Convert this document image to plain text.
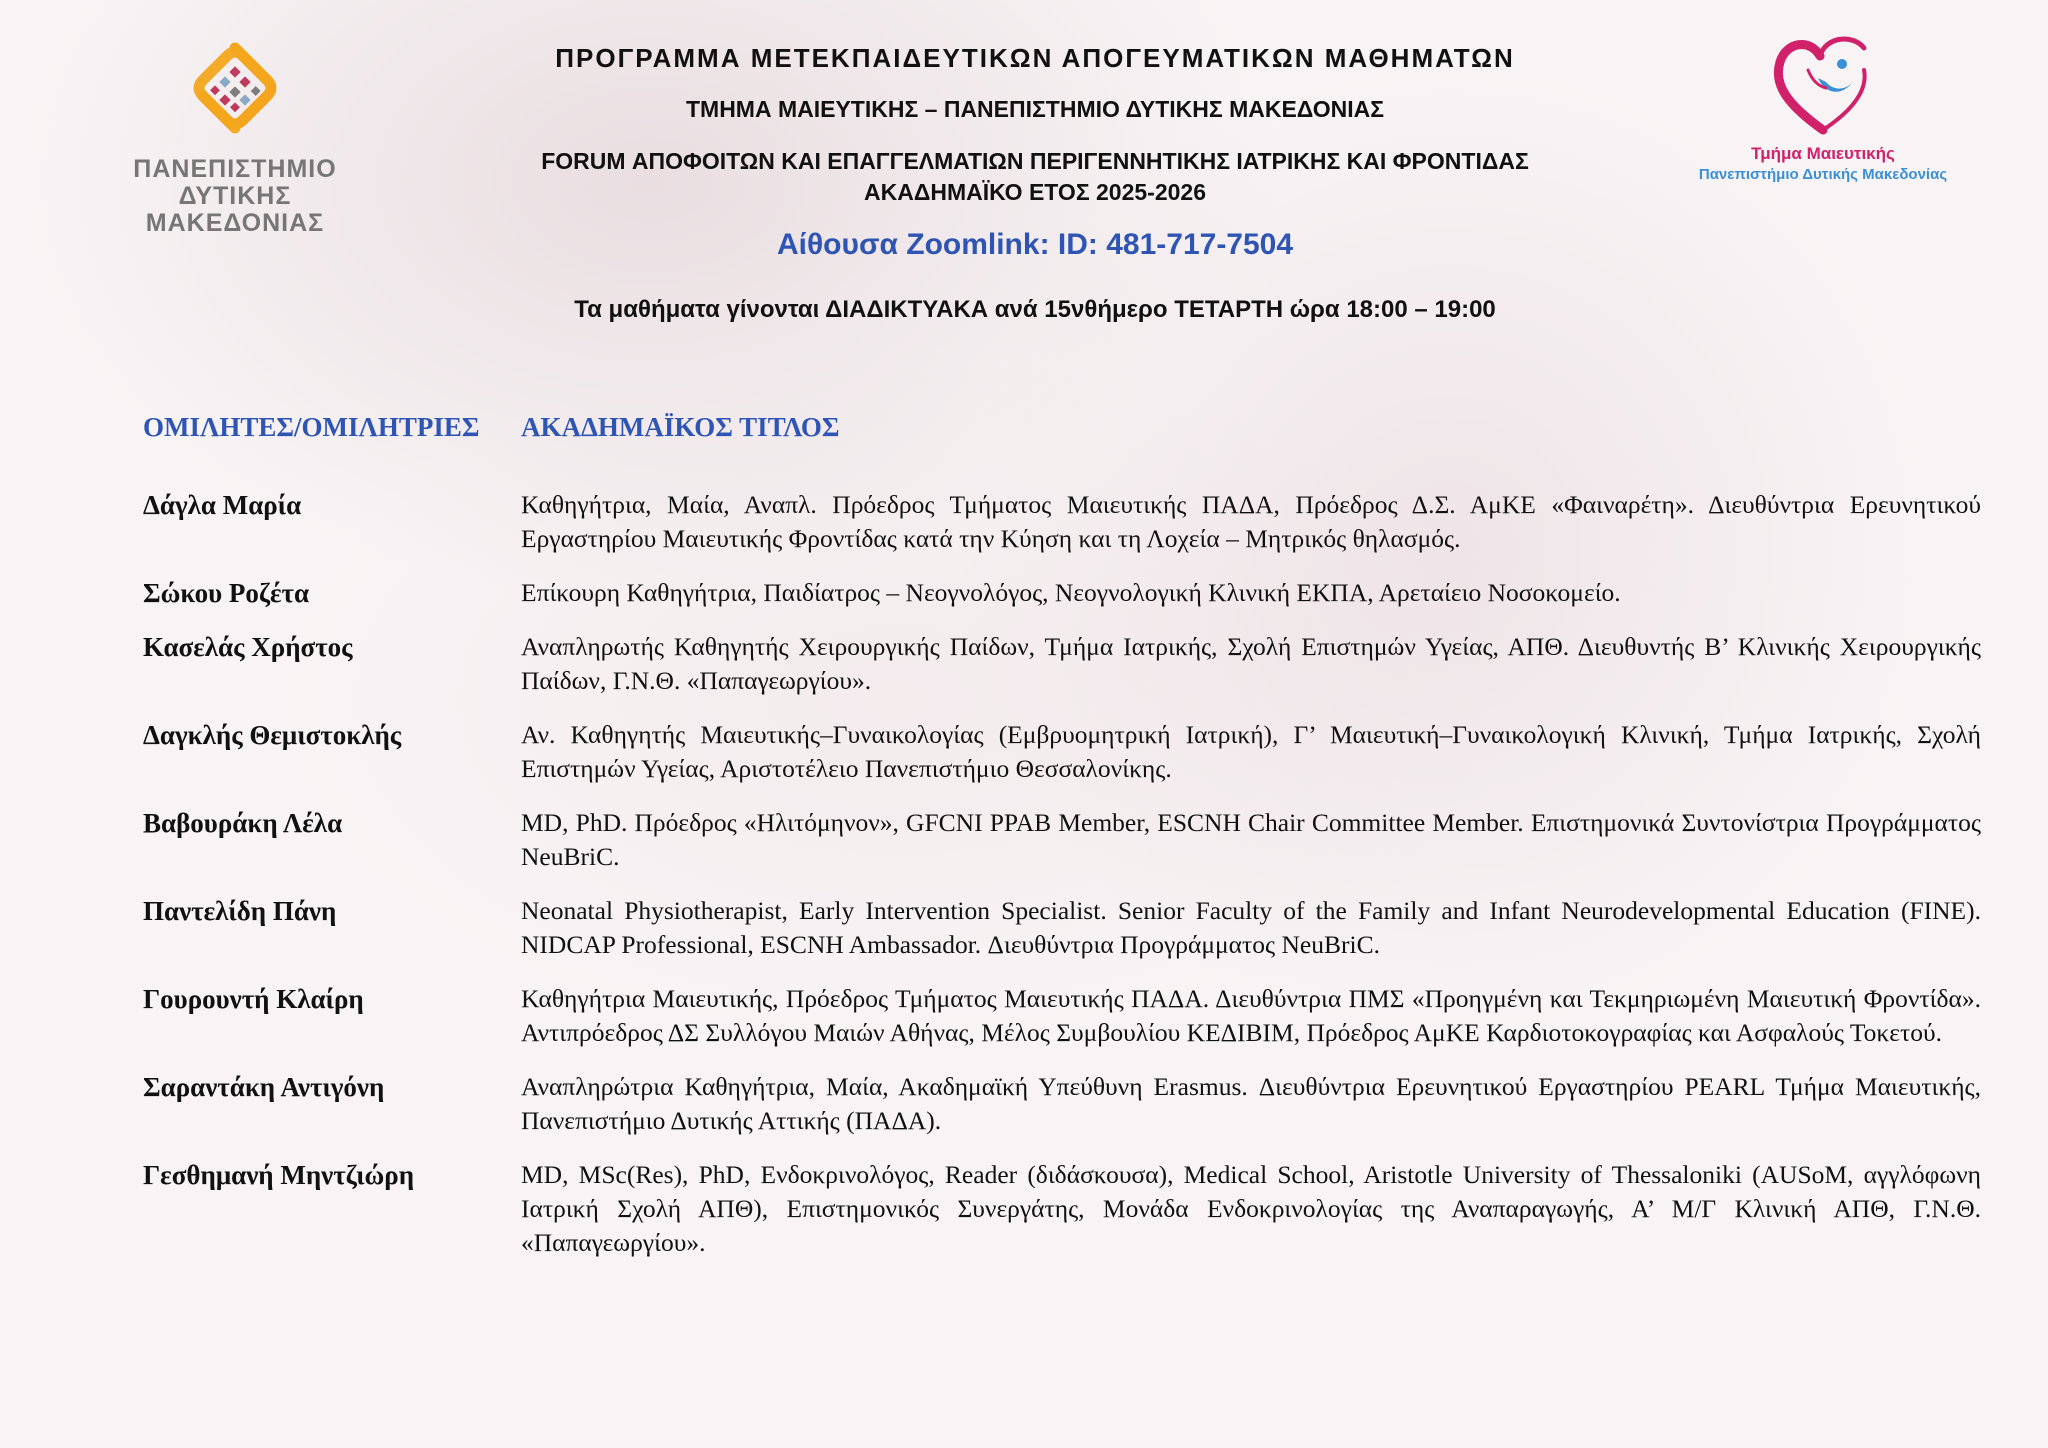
ΠΑΝΕΠΙΣΤΗΜΙΟ
ΔΥΤΙΚΗΣ
ΜΑΚΕΔΟΝΙΑΣ
ΠΡΟΓΡΑΜΜΑ ΜΕΤΕΚΠΑΙΔΕΥΤΙΚΩΝ ΑΠΟΓΕΥΜΑΤΙΚΩΝ ΜΑΘΗΜΑΤΩΝ
ΤΜΗΜΑ ΜΑΙΕΥΤΙΚΗΣ – ΠΑΝΕΠΙΣΤΗΜΙΟ ΔΥΤΙΚΗΣ ΜΑΚΕΔΟΝΙΑΣ
FORUM ΑΠΟΦΟΙΤΩΝ ΚΑΙ ΕΠΑΓΓΕΛΜΑΤΙΩΝ ΠΕΡΙΓΕΝΝΗΤΙΚΗΣ ΙΑΤΡΙΚΗΣ ΚΑΙ ΦΡΟΝΤΙΔΑΣ
ΑΚΑΔΗΜΑΪΚΟ ΕΤΟΣ 2025-2026
Αίθουσα Zoomlink: ID: 481-717-7504
Τα μαθήματα γίνονται ΔΙΑΔΙΚΤΥΑΚΑ ανά 15νθήμερο ΤΕΤΑΡΤΗ ώρα 18:00 – 19:00
Τμήμα Μαιευτικής
Πανεπιστήμιο Δυτικής Μακεδονίας
ΟΜΙΛΗΤΕΣ/ΟΜΙΛΗΤΡΙΕΣ	ΑΚΑΔΗΜΑΪΚΟΣ ΤΙΤΛΟΣ
Δάγλα Μαρία	Καθηγήτρια, Μαία, Αναπλ. Πρόεδρος Τμήματος Μαιευτικής ΠΑΔΑ, Πρόεδρος Δ.Σ. ΑμΚΕ «Φαιναρέτη». Διευθύντρια Ερευνητικού Εργαστηρίου Μαιευτικής Φροντίδας κατά την Κύηση και τη Λοχεία – Μητρικός θηλασμός.
Σώκου Ροζέτα	Επίκουρη Καθηγήτρια, Παιδίατρος – Νεογνολόγος, Νεογνολογική Κλινική ΕΚΠΑ, Αρεταίειο Νοσοκομείο.
Κασελάς Χρήστος	Αναπληρωτής Καθηγητής Χειρουργικής Παίδων, Τμήμα Ιατρικής, Σχολή Επιστημών Υγείας, ΑΠΘ. Διευθυντής Β’ Κλινικής Χειρουργικής Παίδων, Γ.Ν.Θ. «Παπαγεωργίου».
Δαγκλής Θεμιστοκλής	Αν. Καθηγητής Μαιευτικής–Γυναικολογίας (Εμβρυομητρική Ιατρική), Γ’ Μαιευτική–Γυναικολογική Κλινική, Τμήμα Ιατρικής, Σχολή Επιστημών Υγείας, Αριστοτέλειο Πανεπιστήμιο Θεσσαλονίκης.
Βαβουράκη Λέλα	MD, PhD. Πρόεδρος «Ηλιτόμηνον», GFCNI PPAB Member, ESCNH Chair Committee Member. Επιστημονικά Συντονίστρια Προγράμματος NeuBriC.
Παντελίδη Πάνη	Neonatal Physiotherapist, Early Intervention Specialist. Senior Faculty of the Family and Infant Neurodevelopmental Education (FINE). NIDCAP Professional, ESCNH Ambassador. Διευθύντρια Προγράμματος NeuBriC.
Γουρουντή Κλαίρη	Καθηγήτρια Μαιευτικής, Πρόεδρος Τμήματος Μαιευτικής ΠΑΔΑ. Διευθύντρια ΠΜΣ «Προηγμένη και Τεκμηριωμένη Μαιευτική Φροντίδα». Αντιπρόεδρος ΔΣ Συλλόγου Μαιών Αθήνας, Μέλος Συμβουλίου ΚΕΔΙΒΙΜ, Πρόεδρος ΑμΚΕ Καρδιοτοκογραφίας και Ασφαλούς Τοκετού.
Σαραντάκη Αντιγόνη	Αναπληρώτρια Καθηγήτρια, Μαία, Ακαδημαϊκή Υπεύθυνη Erasmus. Διευθύντρια Ερευνητικού Εργαστηρίου PEARL Τμήμα Μαιευτικής, Πανεπιστήμιο Δυτικής Αττικής (ΠΑΔΑ).
Γεσθημανή Μηντζιώρη	MD, MSc(Res), PhD, Ενδοκρινολόγος, Reader (διδάσκουσα), Medical School, Aristotle University of Thessaloniki (AUSoM, αγγλόφωνη Ιατρική Σχολή ΑΠΘ), Επιστημονικός Συνεργάτης, Μονάδα Ενδοκρινολογίας της Αναπαραγωγής, Α’ Μ/Γ Κλινική ΑΠΘ, Γ.Ν.Θ. «Παπαγεωργίου».
